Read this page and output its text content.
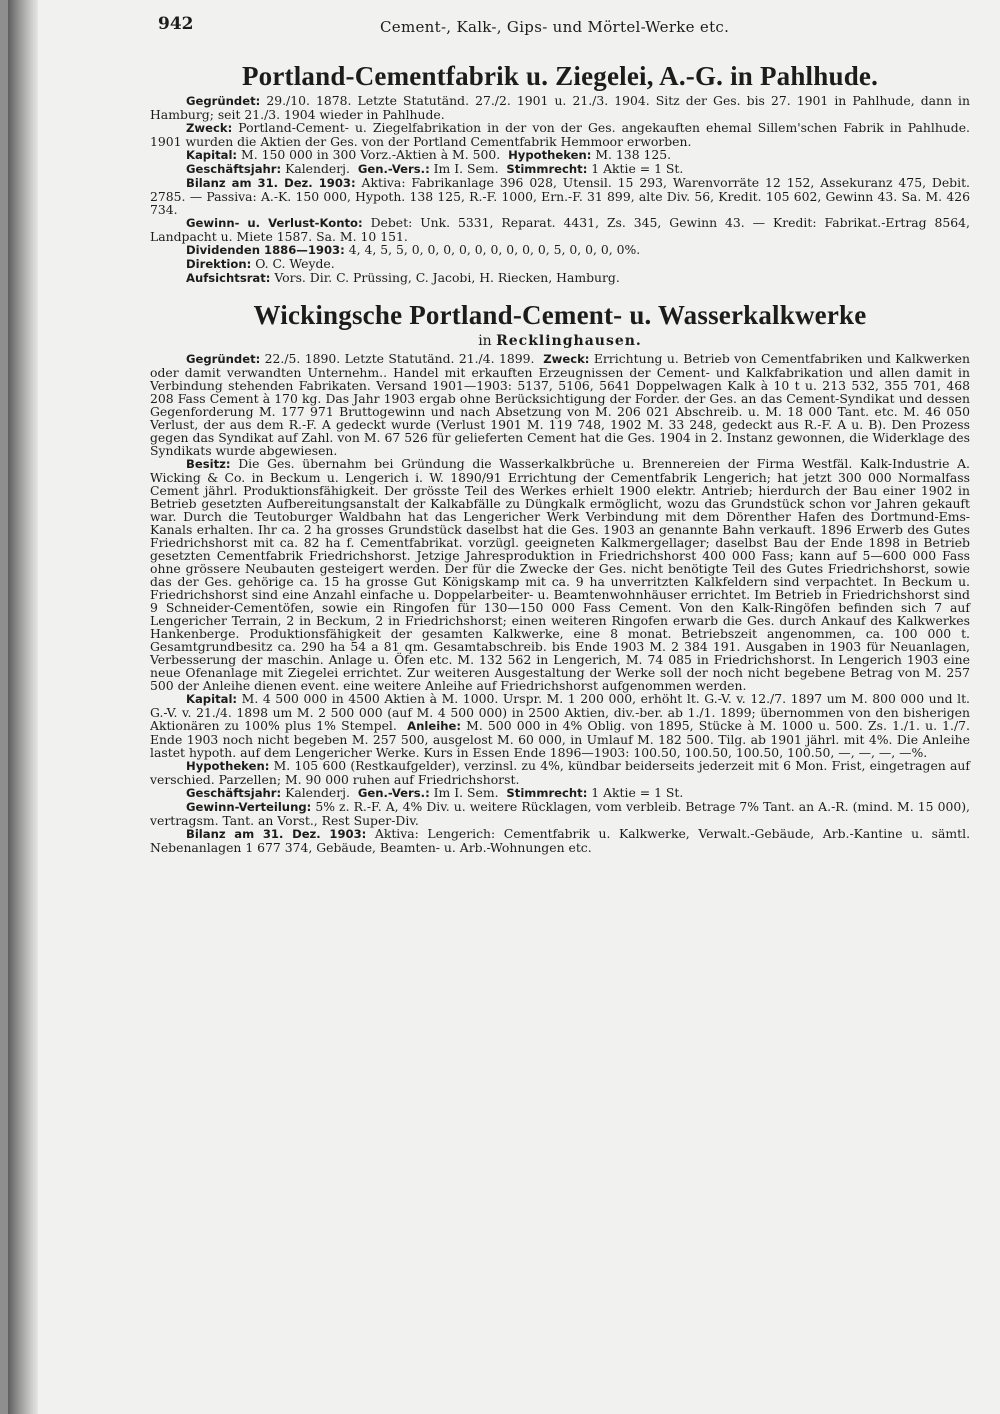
942	Cement-, Kalk-, Gips- und Mörtel-Werke etc.
Portland-Cementfabrik u. Ziegelei, A.-G. in Pahlhude.

Gegründet: 29./10. 1878. Letzte Statutänd. 27./2. 1901 u. 21./3. 1904. Sitz der Ges. bis 27. 1901 in Pahlhude, dann in Hamburg; seit 21./3. 1904 wieder in Pahlhude.

Zweck: Portland-Cement- u. Ziegelfabrikation in der von der Ges. angekauften ehemal Sillem'schen Fabrik in Pahlhude. 1901 wurden die Aktien der Ges. von der Portland Cementfabrik Hemmoor erworben.

Kapital: M. 150 000 in 300 Vorz.-Aktien à M. 500. Hypotheken: M. 138 125.

Geschäftsjahr: Kalenderj. Gen.-Vers.: Im I. Sem. Stimmrecht: 1 Aktie = 1 St.

Bilanz am 31. Dez. 1903: Aktiva: Fabrikanlage 396 028, Utensil. 15 293, Warenvorräte 12 152, Assekuranz 475, Debit. 2785. — Passiva: A.-K. 150 000, Hypoth. 138 125, R.-F. 1000, Ern.-F. 31 899, alte Div. 56, Kredit. 105 602, Gewinn 43. Sa. M. 426 734.

Gewinn- u. Verlust-Konto: Debet: Unk. 5331, Reparat. 4431, Zs. 345, Gewinn 43. — Kredit: Fabrikat.-Ertrag 8564, Landpacht u. Miete 1587. Sa. M. 10 151.

Dividenden 1886—1903: 4, 4, 5, 5, 0, 0, 0, 0, 0, 0, 0, 0, 0, 5, 0, 0, 0, 0%.

Direktion: O. C. Weyde.

Aufsichtsrat: Vors. Dir. C. Prüssing, C. Jacobi, H. Riecken, Hamburg.

Wickingsche Portland-Cement- u. Wasserkalkwerke
in Recklinghausen.

Gegründet: 22./5. 1890. Letzte Statutänd. 21./4. 1899. Zweck: Errichtung u. Betrieb von Cementfabriken und Kalkwerken oder damit verwandten Unternehm.. Handel mit erkauften Erzeugnissen der Cement- und Kalkfabrikation und allen damit in Verbindung stehenden Fabrikaten. Versand 1901—1903: 5137, 5106, 5641 Doppelwagen Kalk à 10 t u. 213 532, 355 701, 468 208 Fass Cement à 170 kg. Das Jahr 1903 ergab ohne Berücksichtigung der Forder. der Ges. an das Cement-Syndikat und dessen Gegenforderung M. 177 971 Bruttogewinn und nach Absetzung von M. 206 021 Abschreib. u. M. 18 000 Tant. etc. M. 46 050 Verlust, der aus dem R.-F. A gedeckt wurde (Verlust 1901 M. 119 748, 1902 M. 33 248, gedeckt aus R.-F. A u. B). Den Prozess gegen das Syndikat auf Zahl. von M. 67 526 für gelieferten Cement hat die Ges. 1904 in 2. Instanz gewonnen, die Widerklage des Syndikats wurde abgewiesen.

Besitz: Die Ges. übernahm bei Gründung die Wasserkalkbrüche u. Brennereien der Firma Westfäl. Kalk-Industrie A. Wicking & Co. in Beckum u. Lengerich i. W. 1890/91 Errichtung der Cementfabrik Lengerich; hat jetzt 300 000 Normalfass Cement jährl. Produktionsfähigkeit. Der grösste Teil des Werkes erhielt 1900 elektr. Antrieb; hierdurch der Bau einer 1902 in Betrieb gesetzten Aufbereitungsanstalt der Kalkabfälle zu Düngkalk ermöglicht, wozu das Grundstück schon vor Jahren gekauft war. Durch die Teutoburger Waldbahn hat das Lengericher Werk Verbindung mit dem Dörenther Hafen des Dortmund-Ems-Kanals erhalten. Ihr ca. 2 ha grosses Grundstück daselbst hat die Ges. 1903 an genannte Bahn verkauft. 1896 Erwerb des Gutes Friedrichshorst mit ca. 82 ha f. Cementfabrikat. vorzügl. geeigneten Kalkmergellager; daselbst Bau der Ende 1898 in Betrieb gesetzten Cementfabrik Friedrichshorst. Jetzige Jahresproduktion in Friedrichshorst 400 000 Fass; kann auf 5—600 000 Fass ohne grössere Neubauten gesteigert werden. Der für die Zwecke der Ges. nicht benötigte Teil des Gutes Friedrichshorst, sowie das der Ges. gehörige ca. 15 ha grosse Gut Königskamp mit ca. 9 ha unverritzten Kalkfeldern sind verpachtet. In Beckum u. Friedrichshorst sind eine Anzahl einfache u. Doppelarbeiter- u. Beamtenwohnhäuser errichtet. Im Betrieb in Friedrichshorst sind 9 Schneider-Cementöfen, sowie ein Ringofen für 130—150 000 Fass Cement. Von den Kalk-Ringöfen befinden sich 7 auf Lengericher Terrain, 2 in Beckum, 2 in Friedrichshorst; einen weiteren Ringofen erwarb die Ges. durch Ankauf des Kalkwerkes Hankenberge. Produktionsfähigkeit der gesamten Kalkwerke, eine 8 monat. Betriebszeit angenommen, ca. 100 000 t. Gesamtgrundbesitz ca. 290 ha 54 a 81 qm. Gesamtabschreib. bis Ende 1903 M. 2 384 191. Ausgaben in 1903 für Neuanlagen, Verbesserung der maschin. Anlage u. Öfen etc. M. 132 562 in Lengerich, M. 74 085 in Friedrichshorst. In Lengerich 1903 eine neue Ofenanlage mit Ziegelei errichtet. Zur weiteren Ausgestaltung der Werke soll der noch nicht begebene Betrag von M. 257 500 der Anleihe dienen event. eine weitere Anleihe auf Friedrichshorst aufgenommen werden.

Kapital: M. 4 500 000 in 4500 Aktien à M. 1000. Urspr. M. 1 200 000, erhöht lt. G.-V. v. 12./7. 1897 um M. 800 000 und lt. G.-V. v. 21./4. 1898 um M. 2 500 000 (auf M. 4 500 000) in 2500 Aktien, div.-ber. ab 1./1. 1899; übernommen von den bisherigen Aktionären zu 100% plus 1% Stempel. Anleihe: M. 500 000 in 4% Oblig. von 1895, Stücke à M. 1000 u. 500. Zs. 1./1. u. 1./7. Ende 1903 noch nicht begeben M. 257 500, ausgelost M. 60 000, in Umlauf M. 182 500. Tilg. ab 1901 jährl. mit 4%. Die Anleihe lastet hypoth. auf dem Lengericher Werke. Kurs in Essen Ende 1896—1903: 100.50, 100.50, 100.50, 100.50, —, —, —, —%.

Hypotheken: M. 105 600 (Restkaufgelder), verzinsl. zu 4%, kündbar beiderseits jederzeit mit 6 Mon. Frist, eingetragen auf verschied. Parzellen; M. 90 000 ruhen auf Friedrichshorst.

Geschäftsjahr: Kalenderj. Gen.-Vers.: Im I. Sem. Stimmrecht: 1 Aktie = 1 St.

Gewinn-Verteilung: 5% z. R.-F. A, 4% Div. u. weitere Rücklagen, vom verbleib. Betrage 7% Tant. an A.-R. (mind. M. 15 000), vertragsm. Tant. an Vorst., Rest Super-Div.

Bilanz am 31. Dez. 1903: Aktiva: Lengerich: Cementfabrik u. Kalkwerke, Verwalt.-Gebäude, Arb.-Kantine u. sämtl. Nebenanlagen 1 677 374, Gebäude, Beamten- u. Arb.-Wohnungen etc.
